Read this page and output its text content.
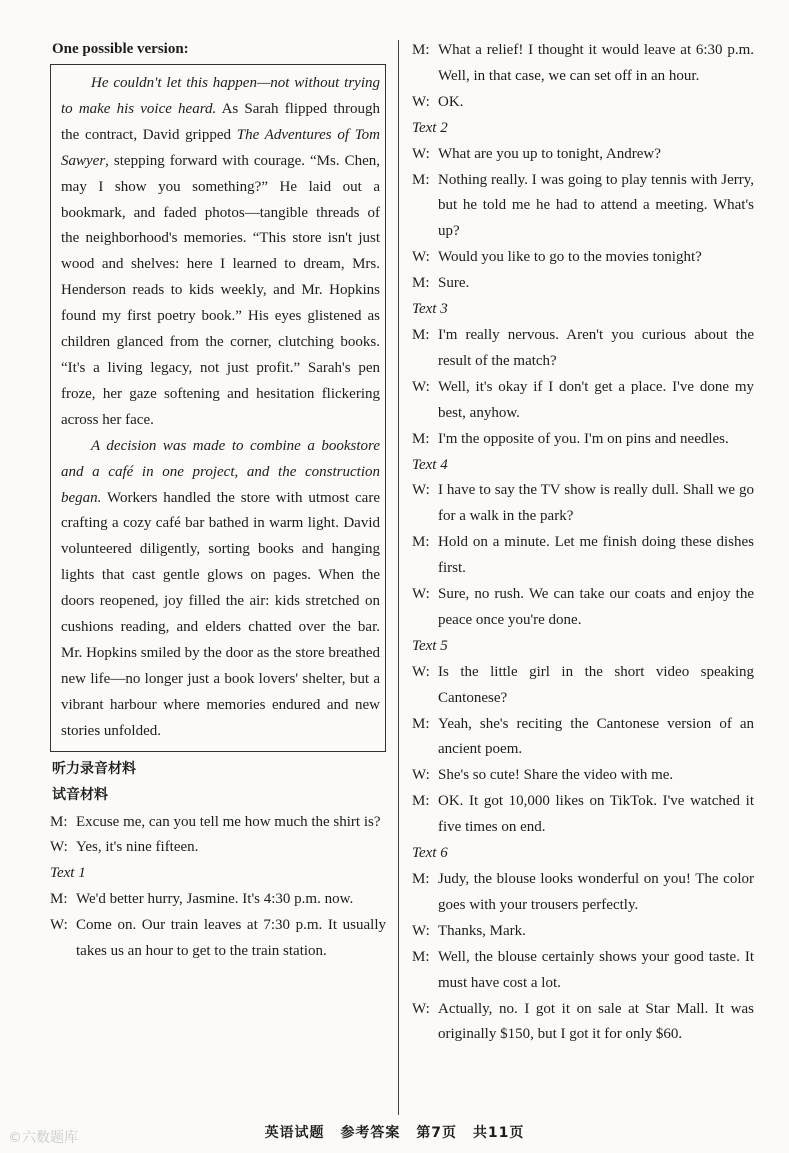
One possible version:

He couldn't let this happen—not without trying to make his voice heard. As Sarah flipped through the contract, David gripped The Adventures of Tom Sawyer, stepping forward with courage. “Ms. Chen, may I show you something?” He laid out a bookmark, and faded photos—tangible threads of the neighborhood's memories. “This store isn't just wood and shelves: here I learned to dream, Mrs. Henderson reads to kids weekly, and Mr. Hopkins found my first poetry book.” His eyes glistened as children glanced from the corner, clutching books. “It's a living legacy, not just profit.” Sarah's pen froze, her gaze softening and hesitation flickering across her face.

A decision was made to combine a bookstore and a café in one project, and the construction began. Workers handled the store with utmost care crafting a cozy café bar bathed in warm light. David volunteered diligently, sorting books and hanging lights that cast gentle glows on pages. When the doors reopened, joy filled the air: kids stretched on cushions reading, and elders chatted over the bar. Mr. Hopkins smiled by the door as the store breathed new life—no longer just a book lovers' shelter, but a vibrant harbour where memories endured and new stories unfolded.

听力录音材料
试音材料
M: Excuse me, can you tell me how much the shirt is?
W: Yes, it's nine fifteen.
Text 1
M: We'd better hurry, Jasmine. It's 4:30 p.m. now.
W: Come on. Our train leaves at 7:30 p.m. It usually takes us an hour to get to the train station.
M: What a relief! I thought it would leave at 6:30 p.m. Well, in that case, we can set off in an hour.
W: OK.
Text 2
W: What are you up to tonight, Andrew?
M: Nothing really. I was going to play tennis with Jerry, but he told me he had to attend a meeting. What's up?
W: Would you like to go to the movies tonight?
M: Sure.
Text 3
M: I'm really nervous. Aren't you curious about the result of the match?
W: Well, it's okay if I don't get a place. I've done my best, anyhow.
M: I'm the opposite of you. I'm on pins and needles.
Text 4
W: I have to say the TV show is really dull. Shall we go for a walk in the park?
M: Hold on a minute. Let me finish doing these dishes first.
W: Sure, no rush. We can take our coats and enjoy the peace once you're done.
Text 5
W: Is the little girl in the short video speaking Cantonese?
M: Yeah, she's reciting the Cantonese version of an ancient poem.
W: She's so cute! Share the video with me.
M: OK. It got 10,000 likes on TikTok. I've watched it five times on end.
Text 6
M: Judy, the blouse looks wonderful on you! The color goes with your trousers perfectly.
W: Thanks, Mark.
M: Well, the blouse certainly shows your good taste. It must have cost a lot.
W: Actually, no. I got it on sale at Star Mall. It was originally $150, but I got it for only $60.
英语试题 参考答案 第7页 共11页
©六数题库
